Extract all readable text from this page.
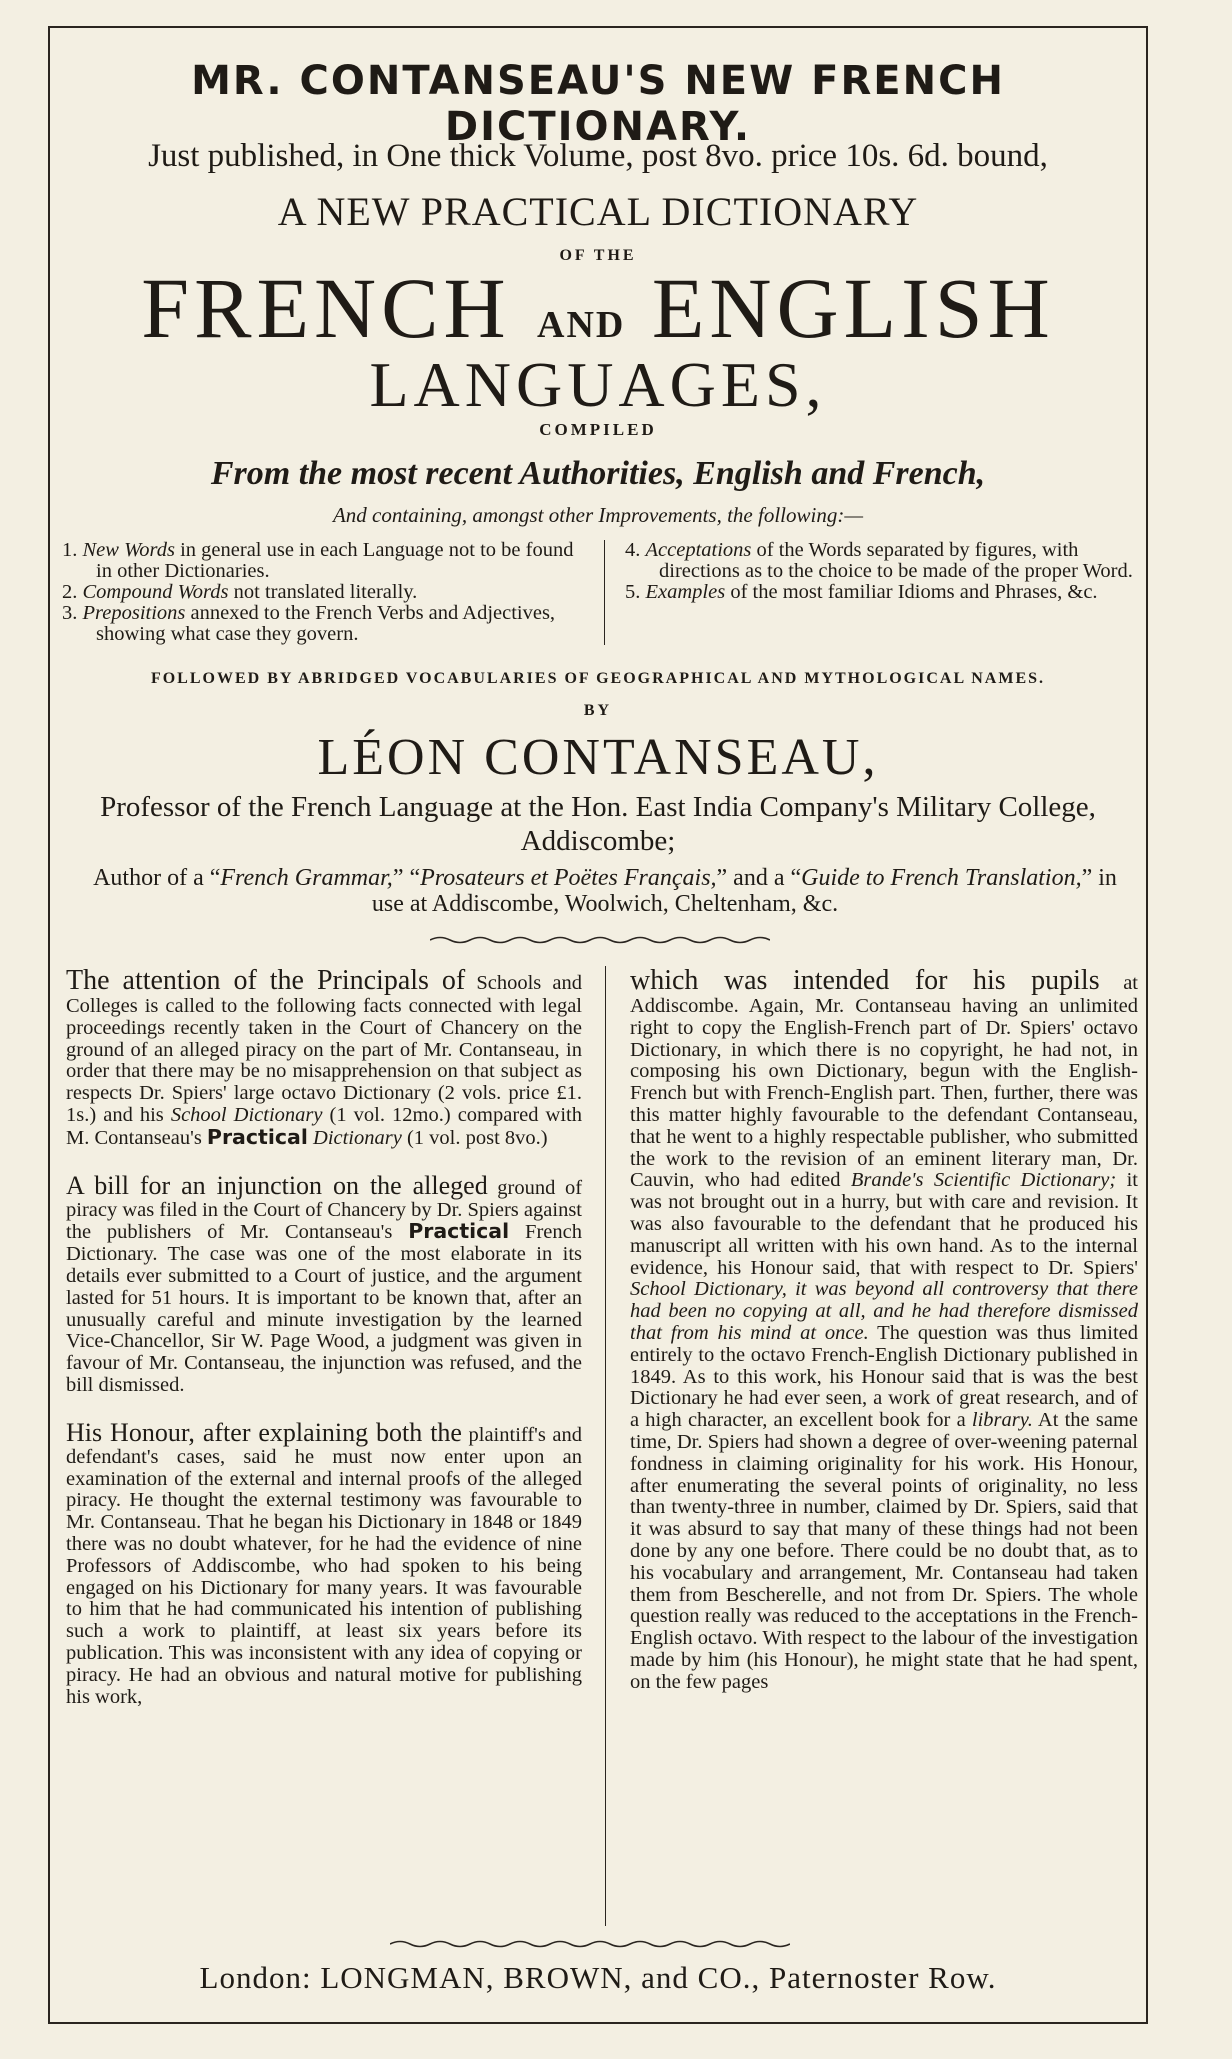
MR. CONTANSEAU'S NEW FRENCH DICTIONARY.
Just published, in One thick Volume, post 8vo. price 10s. 6d. bound,
A NEW PRACTICAL DICTIONARY
OF THE
FRENCH AND ENGLISH
LANGUAGES,
COMPILED
From the most recent Authorities, English and French,
And containing, amongst other Improvements, the following:—
1. New Words in general use in each Language not to be found in other Dictionaries.
2. Compound Words not translated literally.
3. Prepositions annexed to the French Verbs and Adjectives, showing what case they govern.
4. Acceptations of the Words separated by figures, with directions as to the choice to be made of the proper Word.
5. Examples of the most familiar Idioms and Phrases, &c.
FOLLOWED BY ABRIDGED VOCABULARIES OF GEOGRAPHICAL AND MYTHOLOGICAL NAMES.
BY
LÉON CONTANSEAU,
Professor of the French Language at the Hon. East India Company's Military College, Addiscombe;
Author of a “French Grammar,” “Prosateurs et Poëtes Français,” and a “Guide to French Translation,” in use at Addiscombe, Woolwich, Cheltenham, &c.

The attention of the Principals of Schools and Colleges is called to the following facts connected with legal proceedings recently taken in the Court of Chancery on the ground of an alleged piracy on the part of Mr. Contanseau, in order that there may be no misapprehension on that subject as respects Dr. Spiers' large octavo Dictionary (2 vols. price £1. 1s.) and his School Dictionary (1 vol. 12mo.) compared with M. Contanseau's Practical Dictionary (1 vol. post 8vo.)

A bill for an injunction on the alleged ground of piracy was filed in the Court of Chancery by Dr. Spiers against the publishers of Mr. Contanseau's Practical French Dictionary. The case was one of the most elaborate in its details ever submitted to a Court of justice, and the argument lasted for 51 hours. It is important to be known that, after an unusually careful and minute investigation by the learned Vice-Chancellor, Sir W. Page Wood, a judgment was given in favour of Mr. Contanseau, the injunction was refused, and the bill dismissed.

His Honour, after explaining both the plaintiff's and defendant's cases, said he must now enter upon an examination of the external and internal proofs of the alleged piracy. He thought the external testimony was favourable to Mr. Contanseau. That he began his Dictionary in 1848 or 1849 there was no doubt whatever, for he had the evidence of nine Professors of Addiscombe, who had spoken to his being engaged on his Dictionary for many years. It was favourable to him that he had communicated his intention of publishing such a work to plaintiff, at least six years before its publication. This was inconsistent with any idea of copying or piracy. He had an obvious and natural motive for publishing his work,

which was intended for his pupils at Addiscombe. Again, Mr. Contanseau having an unlimited right to copy the English-French part of Dr. Spiers' octavo Dictionary, in which there is no copyright, he had not, in composing his own Dictionary, begun with the English-French but with French-English part. Then, further, there was this matter highly favourable to the defendant Contanseau, that he went to a highly respectable publisher, who submitted the work to the revision of an eminent literary man, Dr. Cauvin, who had edited Brande's Scientific Dictionary; it was not brought out in a hurry, but with care and revision. It was also favourable to the defendant that he produced his manuscript all written with his own hand. As to the internal evidence, his Honour said, that with respect to Dr. Spiers' School Dictionary, it was beyond all controversy that there had been no copying at all, and he had therefore dismissed that from his mind at once. The question was thus limited entirely to the octavo French-English Dictionary published in 1849. As to this work, his Honour said that is was the best Dictionary he had ever seen, a work of great research, and of a high character, an excellent book for a library. At the same time, Dr. Spiers had shown a degree of over-weening paternal fondness in claiming originality for his work. His Honour, after enumerating the several points of originality, no less than twenty-three in number, claimed by Dr. Spiers, said that it was absurd to say that many of these things had not been done by any one before. There could be no doubt that, as to his vocabulary and arrangement, Mr. Contanseau had taken them from Bescherelle, and not from Dr. Spiers. The whole question really was reduced to the acceptations in the French-English octavo. With respect to the labour of the investigation made by him (his Honour), he might state that he had spent, on the few pages

London: LONGMAN, BROWN, and CO., Paternoster Row.
